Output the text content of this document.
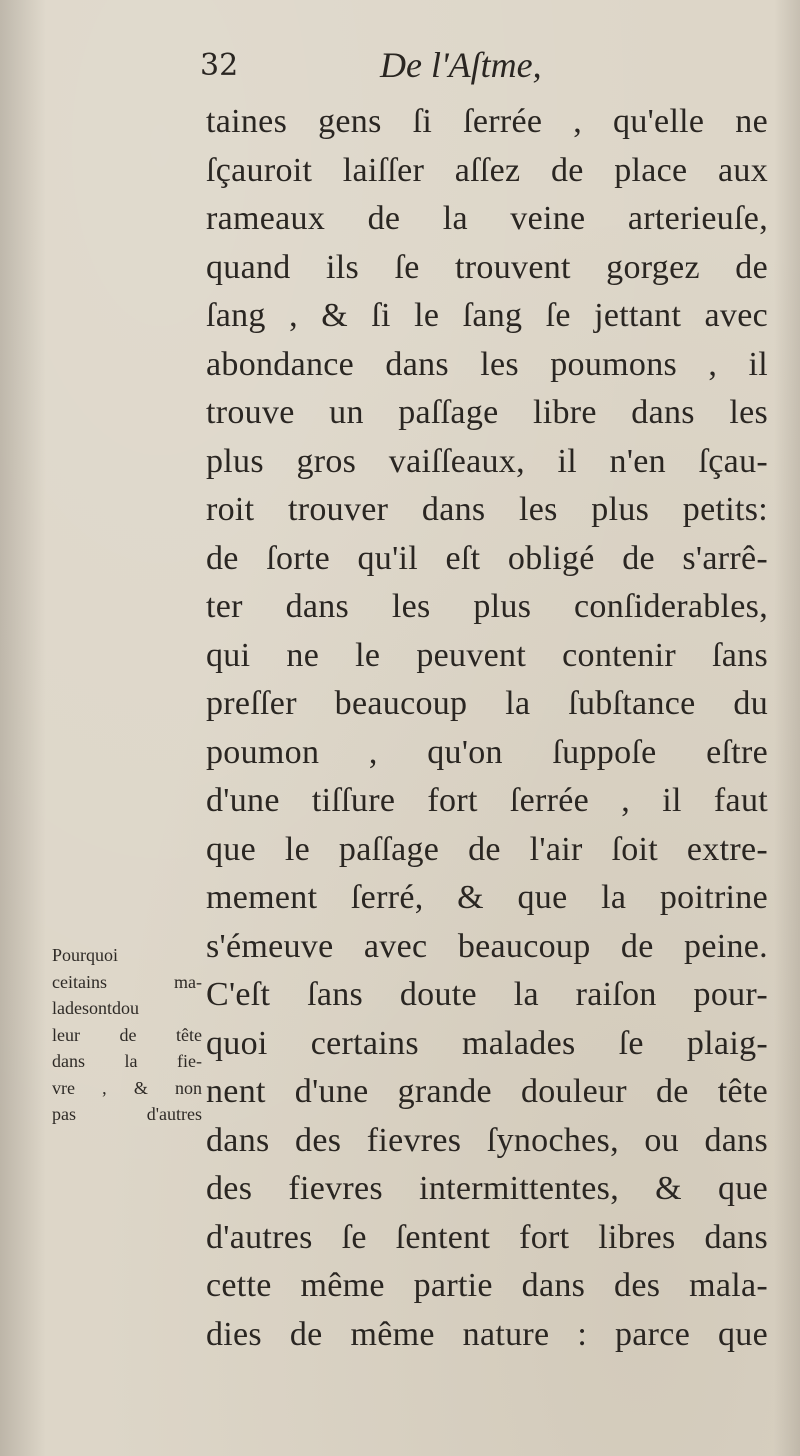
32	De l'Aſtme,
Pourquoi
ceitains ma-
ladesontdou
leur de tête
dans la fie-
vre , & non
pas d'autres
taines gens ſi ſerrée , qu'elle ne
ſçauroit laiſſer aſſez de place aux
rameaux de la veine arterieuſe,
quand ils ſe trouvent gorgez de
ſang , & ſi le ſang ſe jettant avec
abondance dans les poumons , il
trouve un paſſage libre dans les
plus gros vaiſſeaux, il n'en ſçau-
roit trouver dans les plus petits:
de ſorte qu'il eſt obligé de s'arrê-
ter dans les plus conſiderables,
qui ne le peuvent contenir ſans
preſſer beaucoup la ſubſtance du
poumon , qu'on ſuppoſe eſtre
d'une tiſſure fort ſerrée , il faut
que le paſſage de l'air ſoit extre-
mement ſerré, & que la poitrine
s'émeuve avec beaucoup de peine.
C'eſt ſans doute la raiſon pour-
quoi certains malades ſe plaig-
nent d'une grande douleur de tête
dans des fievres ſynoches, ou dans
des fievres intermittentes, & que
d'autres ſe ſentent fort libres dans
cette même partie dans des mala-
dies de même nature : parce que
